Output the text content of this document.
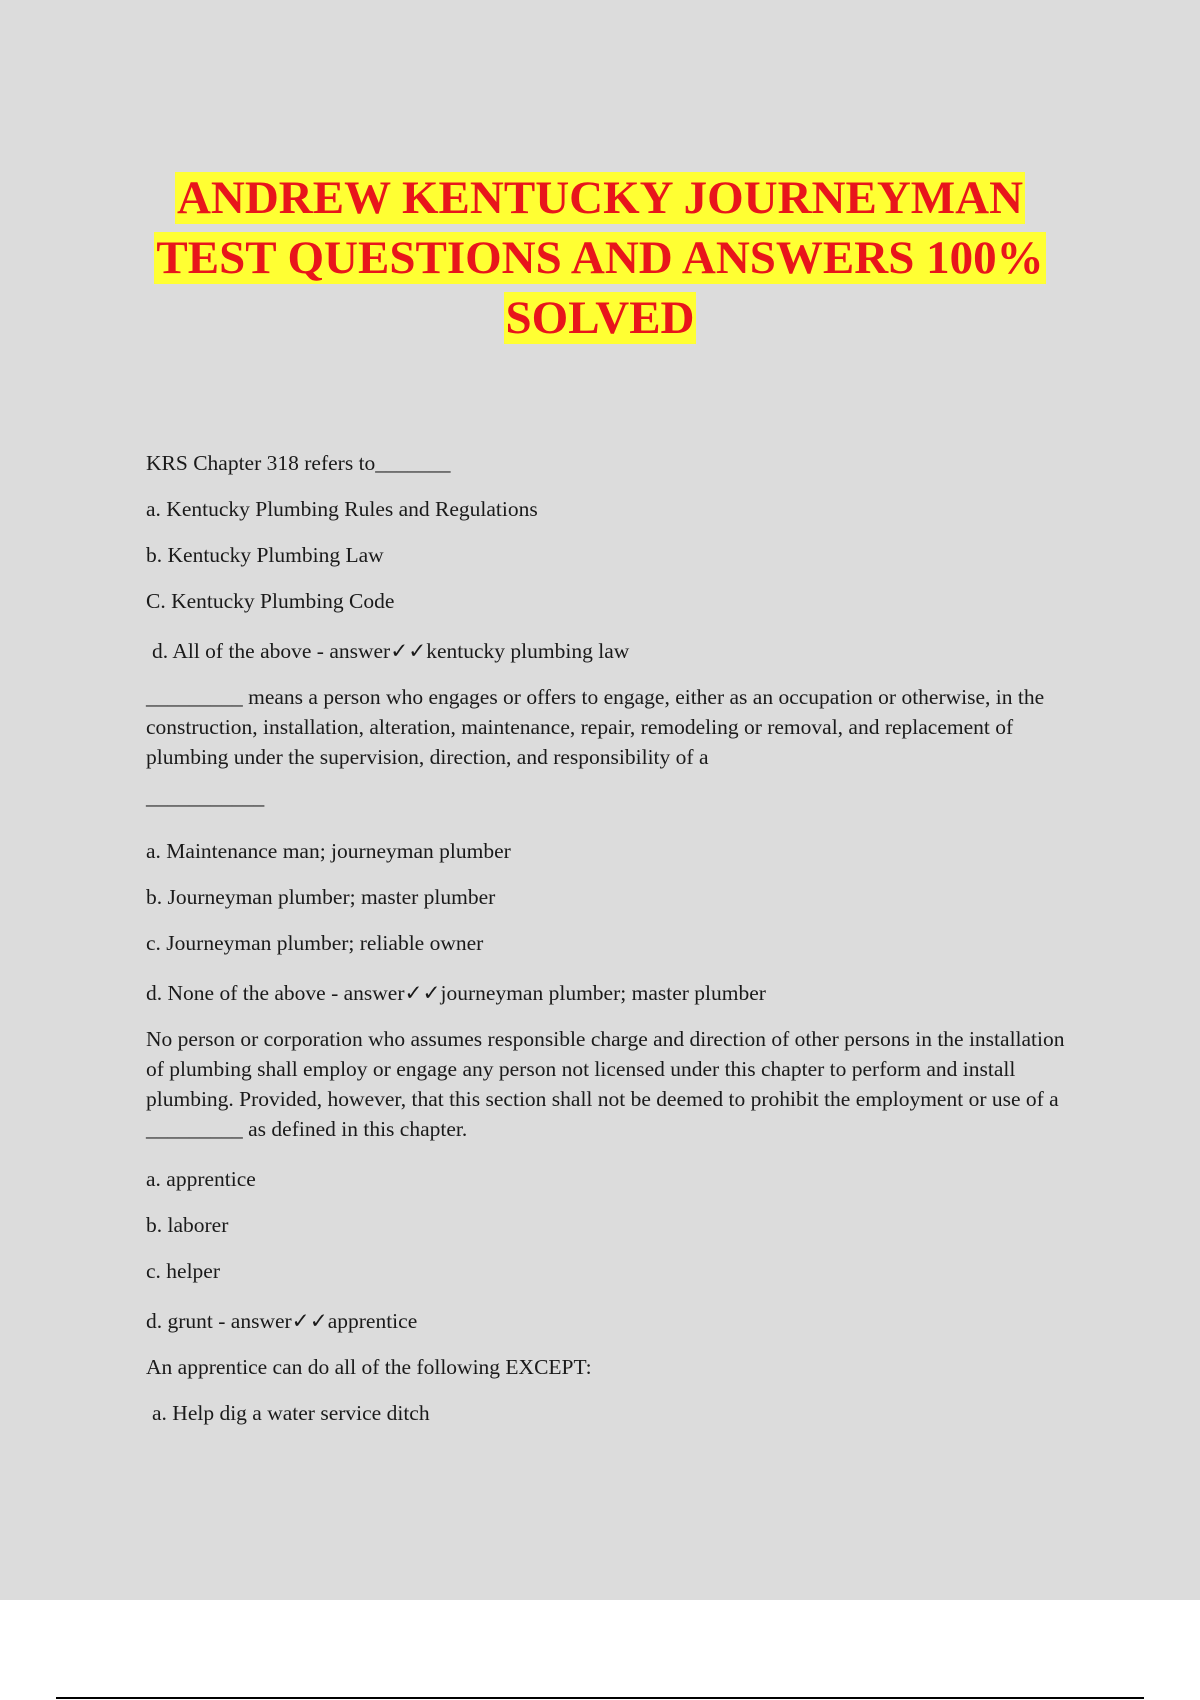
ANDREW KENTUCKY JOURNEYMAN
TEST QUESTIONS AND ANSWERS 100%
SOLVED

KRS Chapter 318 refers to_______

a. Kentucky Plumbing Rules and Regulations

b. Kentucky Plumbing Law

C. Kentucky Plumbing Code

d. All of the above - answer✓✓kentucky plumbing law

_________ means a person who engages or offers to engage, either as an occupation or otherwise, in the construction, installation, alteration, maintenance, repair, remodeling or removal, and replacement of plumbing under the supervision, direction, and responsibility of a

___________

a. Maintenance man; journeyman plumber

b. Journeyman plumber; master plumber

c. Journeyman plumber; reliable owner

d. None of the above - answer✓✓journeyman plumber; master plumber

No person or corporation who assumes responsible charge and direction of other persons in the installation of plumbing shall employ or engage any person not licensed under this chapter to perform and install plumbing. Provided, however, that this section shall not be deemed to prohibit the employment or use of a _________ as defined in this chapter.

a. apprentice

b. laborer

c. helper

d. grunt - answer✓✓apprentice

An apprentice can do all of the following EXCEPT:

a. Help dig a water service ditch
